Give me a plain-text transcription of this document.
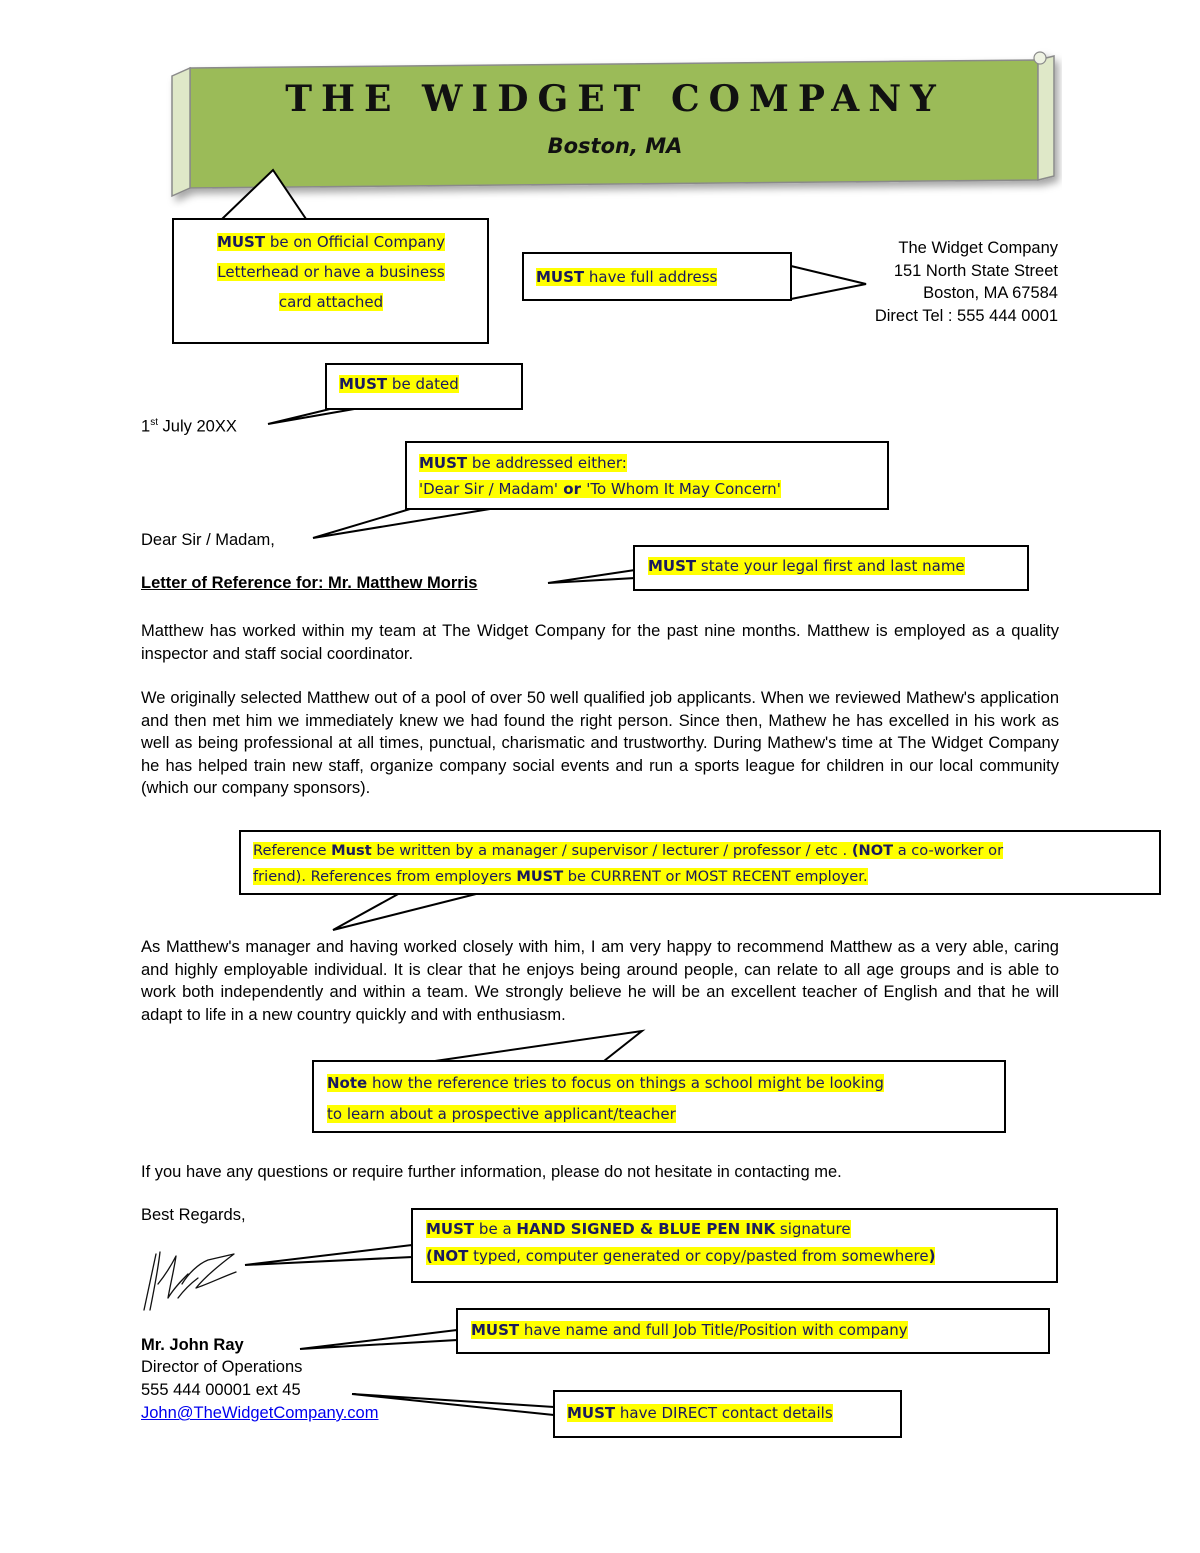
THE WIDGET COMPANY
Boston, MA
MUST be on Official Company
Letterhead or have a business
card attached
MUST have full address
MUST be dated
MUST be addressed either:
'Dear Sir / Madam' or 'To Whom It May Concern'
MUST state your legal first and last name
Reference Must be written by a manager / supervisor / lecturer / professor / etc . (NOT a co-worker or
friend). References from employers MUST be CURRENT or MOST RECENT employer.
Note how the reference tries to focus on things a school might be looking
to learn about a prospective applicant/teacher
MUST be a HAND SIGNED & BLUE PEN INK signature
(NOT typed, computer generated or copy/pasted from somewhere)
MUST have name and full Job Title/Position with company
MUST have DIRECT contact details
The Widget Company
151 North State Street
Boston, MA 67584
Direct Tel : 555 444 0001
1st July 20XX
Dear Sir / Madam,
Letter of Reference for: Mr. Matthew Morris
Matthew has worked within my team at The Widget Company for the past nine months. Matthew is employed as a quality inspector and staff social coordinator.
We originally selected Matthew out of a pool of over 50 well qualified job applicants. When we reviewed Mathew's application and then met him we immediately knew we had found the right person. Since then, Mathew he has excelled in his work as well as being professional at all times, punctual, charismatic and trustworthy. During Mathew's time at The Widget Company he has helped train new staff, organize company social events and run a sports league for children in our local community (which our company sponsors).
As Matthew's manager and having worked closely with him, I am very happy to recommend Matthew as a very able, caring and highly employable individual. It is clear that he enjoys being around people, can relate to all age groups and is able to work both independently and within a team. We strongly believe he will be an excellent teacher of English and that he will adapt to life in a new country quickly and with enthusiasm.
If you have any questions or require further information, please do not hesitate in contacting me.
Best Regards,
Mr. John Ray
Director of Operations
555 444 00001 ext 45
John@TheWidgetCompany.com
